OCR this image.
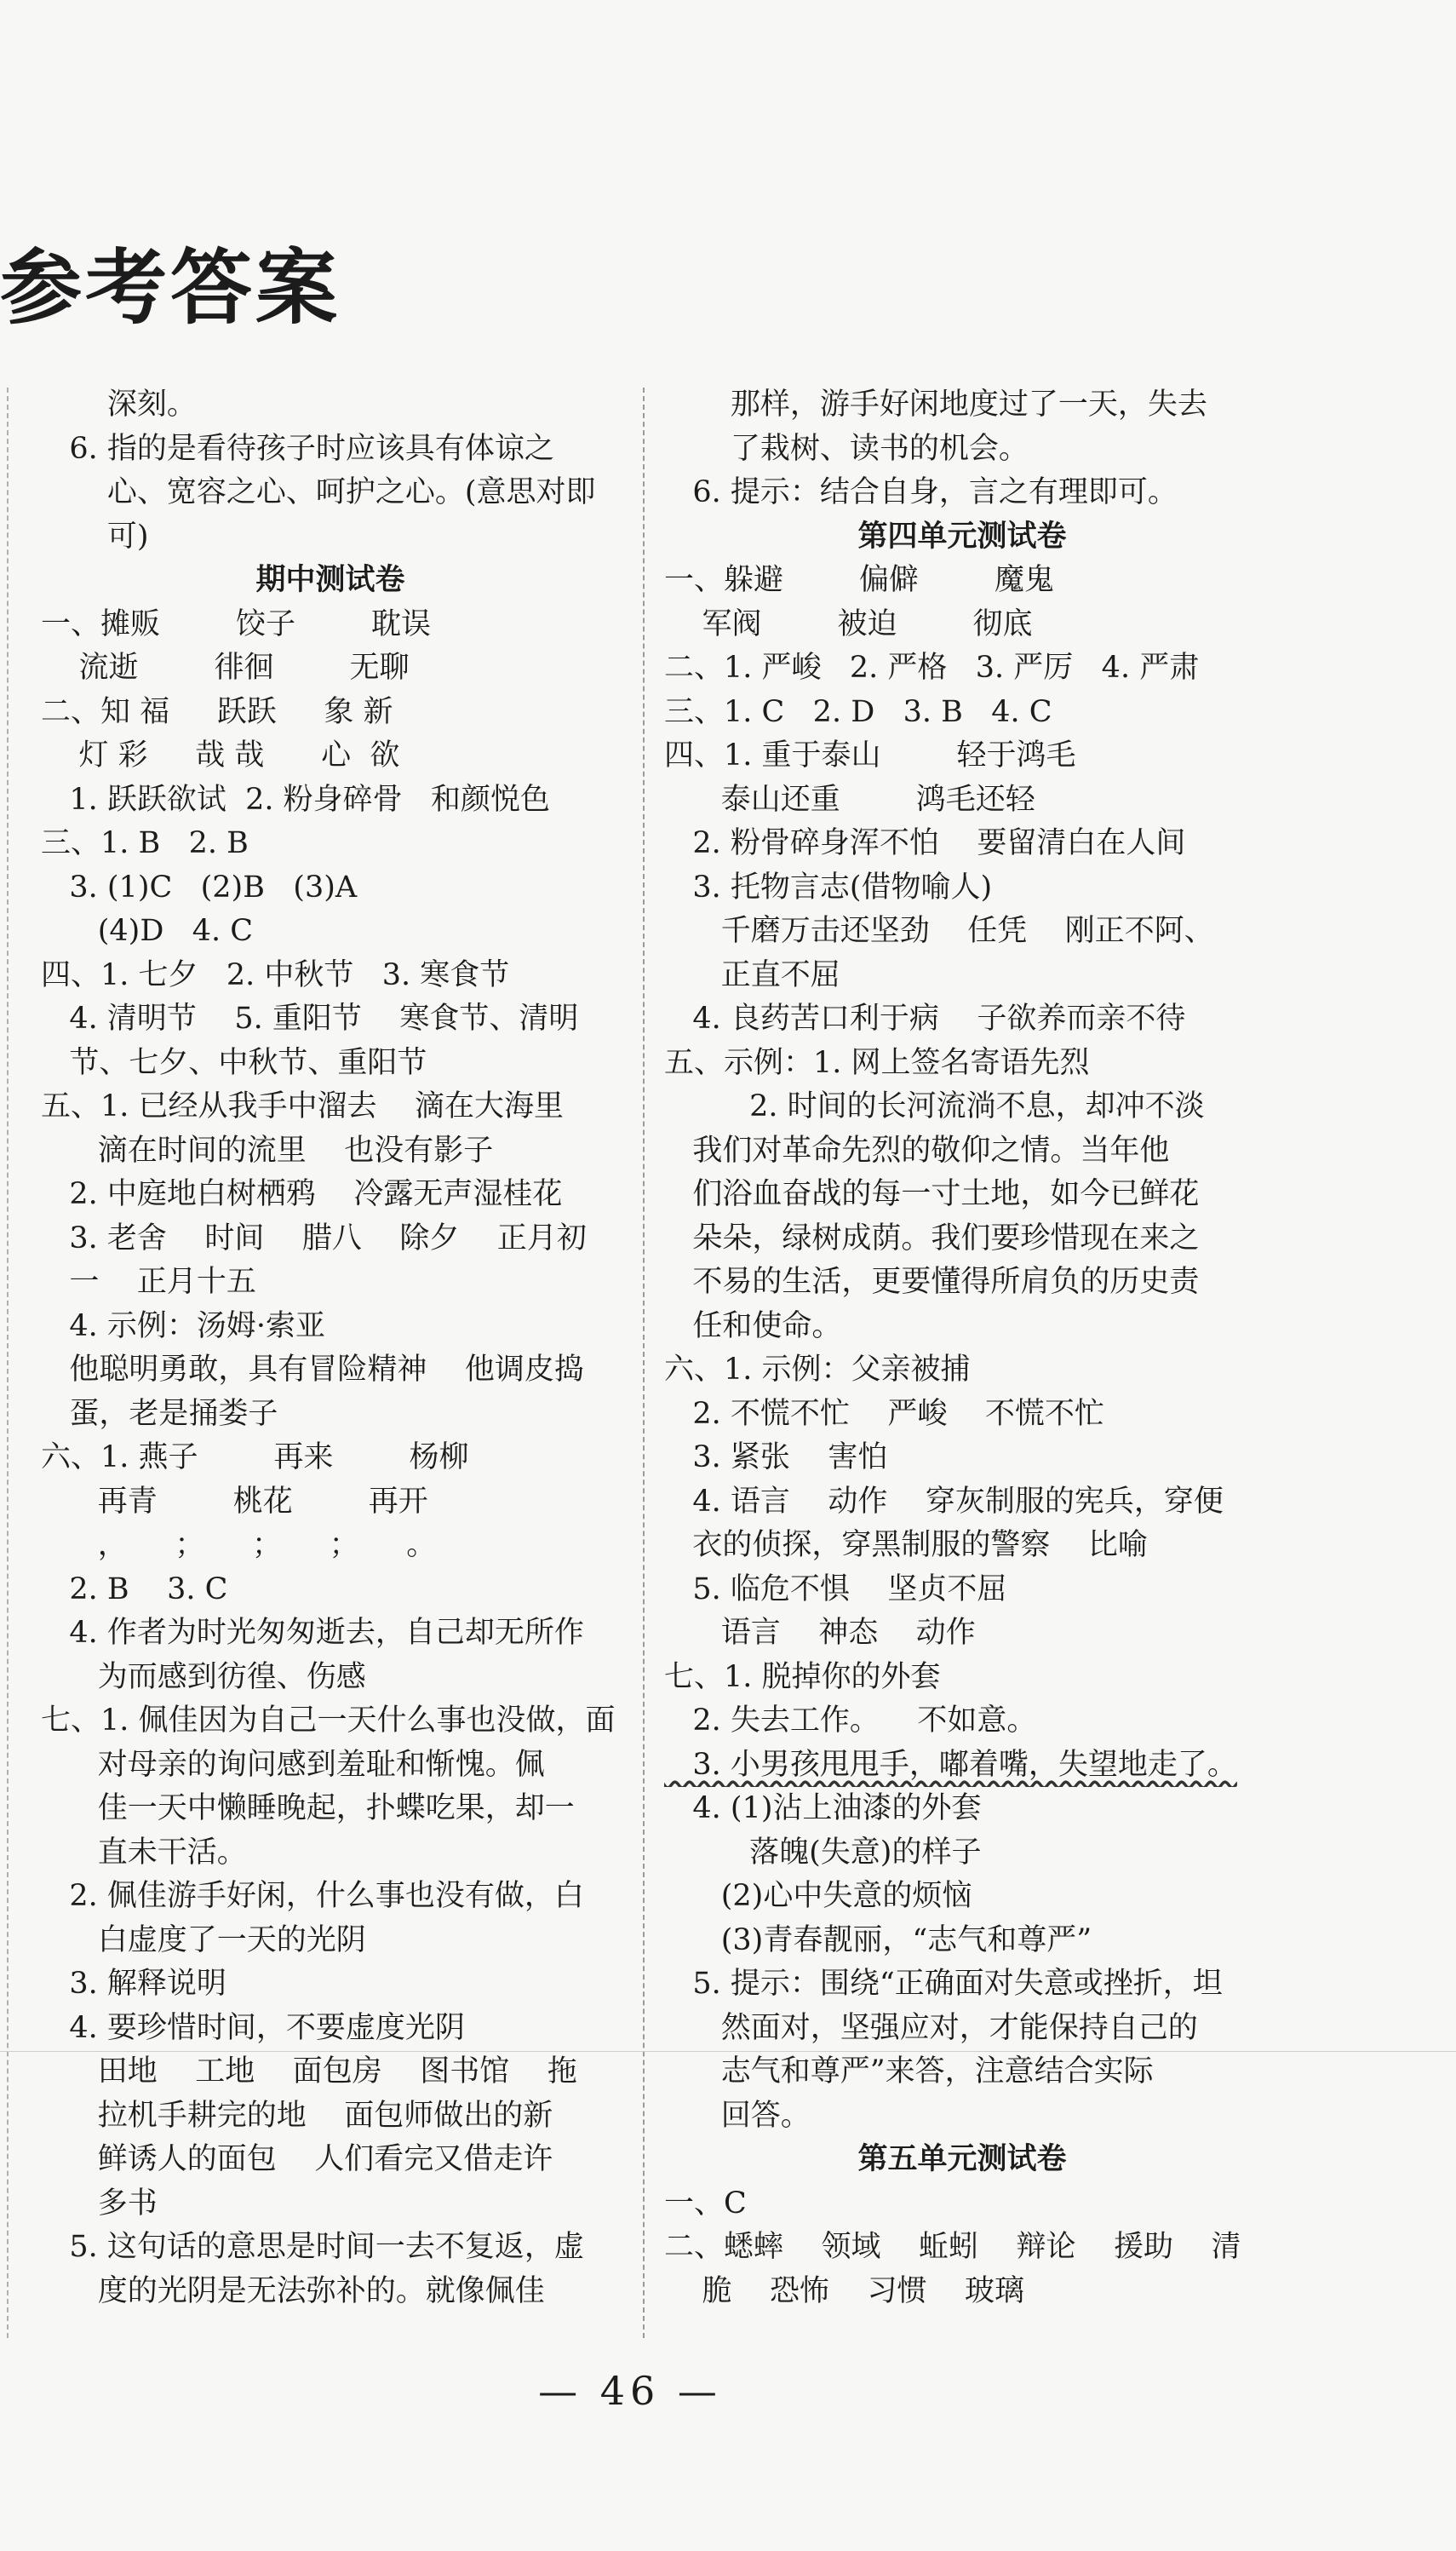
参考答案
深刻。
6. 指的是看待孩子时应该具有体谅之
心、宽容之心、呵护之心。(意思对即
可)
期中测试卷
一、摊贩        饺子        耽误
流逝        徘徊        无聊
二、知 福     跃跃     象 新
灯 彩     哉 哉      心  欲
1. 跃跃欲试  2. 粉身碎骨   和颜悦色
三、1. B   2. B
3. (1)C   (2)B   (3)A
(4)D   4. C
四、1. 七夕   2. 中秋节   3. 寒食节
4. 清明节    5. 重阳节    寒食节、清明
节、七夕、中秋节、重阳节
五、1. 已经从我手中溜去    滴在大海里
滴在时间的流里    也没有影子
2. 中庭地白树栖鸦    冷露无声湿桂花
3. 老舍    时间    腊八    除夕    正月初
一    正月十五
4. 示例：汤姆·索亚
他聪明勇敢，具有冒险精神    他调皮捣
蛋，老是捅娄子
六、1. 燕子        再来        杨柳
再青        桃花        再开
，     ；     ；     ；     。
2. B    3. C
4. 作者为时光匆匆逝去，自己却无所作
为而感到彷徨、伤感
七、1. 佩佳因为自己一天什么事也没做，面
对母亲的询问感到羞耻和惭愧。佩
佳一天中懒睡晚起，扑蝶吃果，却一
直未干活。
2. 佩佳游手好闲，什么事也没有做，白
白虚度了一天的光阴
3. 解释说明
4. 要珍惜时间，不要虚度光阴
田地    工地    面包房    图书馆    拖
拉机手耕完的地    面包师做出的新
鲜诱人的面包    人们看完又借走许
多书
5. 这句话的意思是时间一去不复返，虚
度的光阴是无法弥补的。就像佩佳
那样，游手好闲地度过了一天，失去
了栽树、读书的机会。
6. 提示：结合自身，言之有理即可。
第四单元测试卷
一、躲避        偏僻        魔鬼
军阀        被迫        彻底
二、1. 严峻   2. 严格   3. 严厉   4. 严肃
三、1. C   2. D   3. B   4. C
四、1. 重于泰山        轻于鸿毛
泰山还重        鸿毛还轻
2. 粉骨碎身浑不怕    要留清白在人间
3. 托物言志(借物喻人)
千磨万击还坚劲    任凭    刚正不阿、
正直不屈
4. 良药苦口利于病    子欲养而亲不待
五、示例：1. 网上签名寄语先烈
2. 时间的长河流淌不息，却冲不淡
我们对革命先烈的敬仰之情。当年他
们浴血奋战的每一寸土地，如今已鲜花
朵朵，绿树成荫。我们要珍惜现在来之
不易的生活，更要懂得所肩负的历史责
任和使命。
六、1. 示例：父亲被捕
2. 不慌不忙    严峻    不慌不忙
3. 紧张    害怕
4. 语言    动作    穿灰制服的宪兵，穿便
衣的侦探，穿黑制服的警察    比喻
5. 临危不惧    坚贞不屈
语言    神态    动作
七、1. 脱掉你的外套
2. 失去工作。    不如意。
3. 小男孩甩甩手，嘟着嘴，失望地走了。
4. (1)沾上油漆的外套
落魄(失意)的样子
(2)心中失意的烦恼
(3)青春靓丽，“志气和尊严”
5. 提示：围绕“正确面对失意或挫折，坦
然面对，坚强应对，才能保持自己的
志气和尊严”来答，注意结合实际
回答。
第五单元测试卷
一、C
二、蟋蟀    领域    蚯蚓    辩论    援助    清
脆    恐怖    习惯    玻璃
— 46 —
